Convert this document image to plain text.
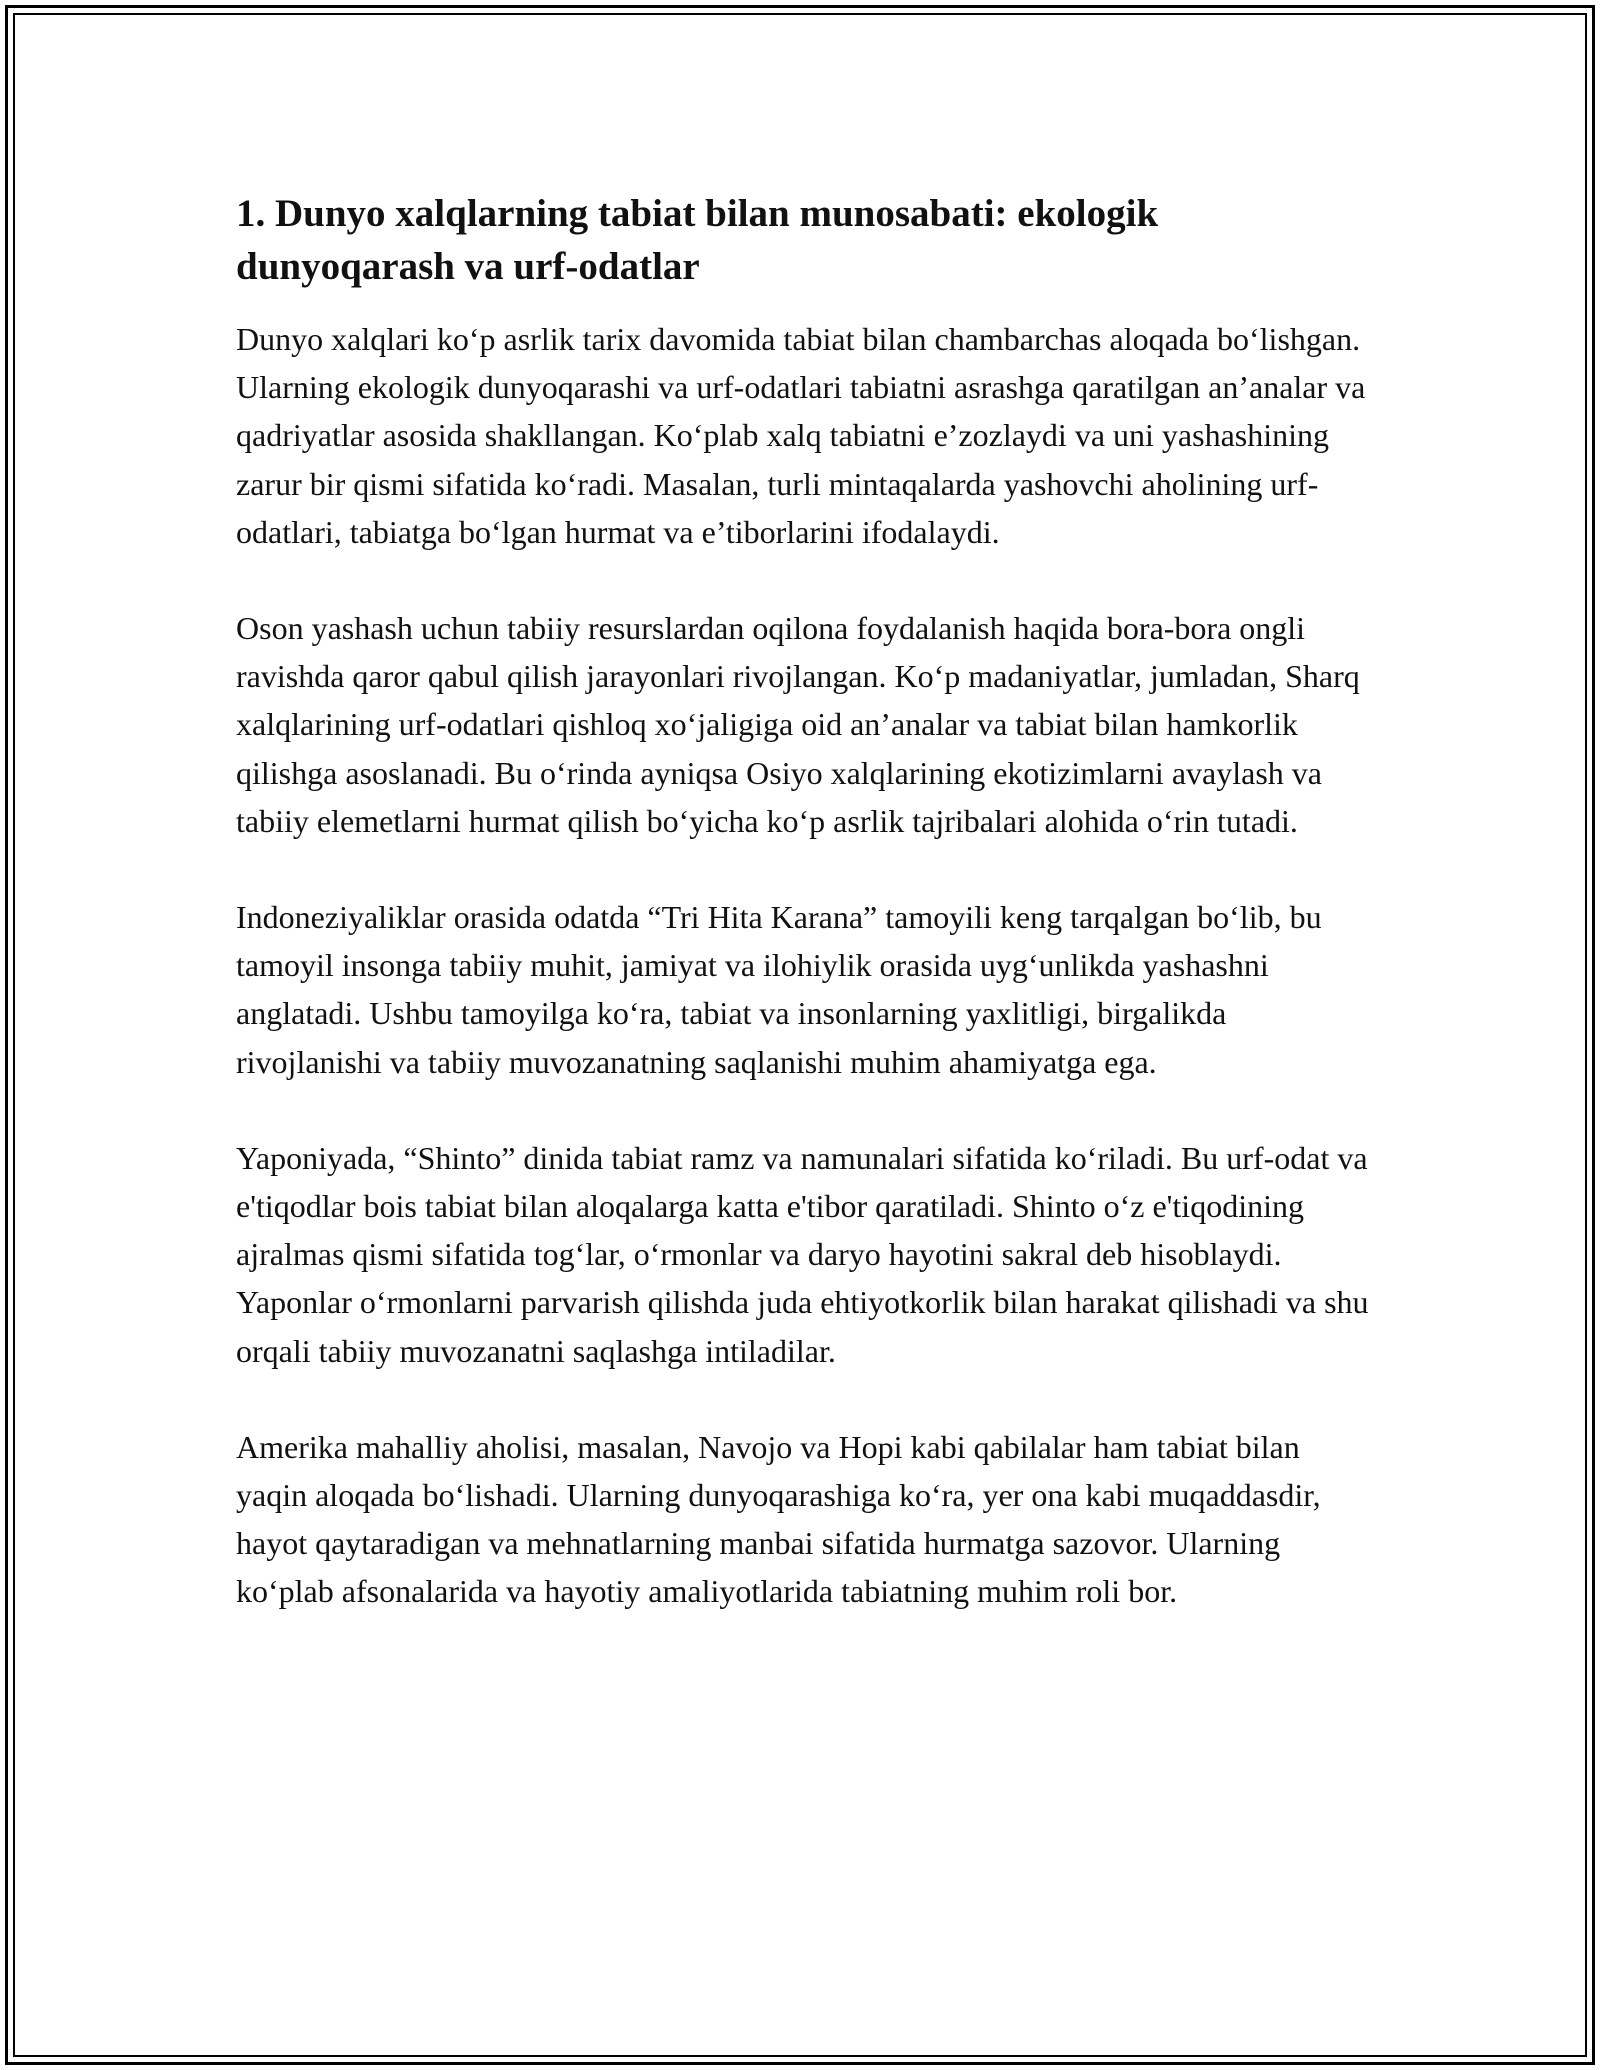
1. Dunyo xalqlarning tabiat bilan munosabati: ekologik dunyoqarash va urf-odatlar

Dunyo xalqlari ko‘p asrlik tarix davomida tabiat bilan chambarchas aloqada bo‘lishgan. Ularning ekologik dunyoqarashi va urf-odatlari tabiatni asrashga qaratilgan an’analar va qadriyatlar asosida shakllangan. Ko‘plab xalq tabiatni e’zozlaydi va uni yashashining zarur bir qismi sifatida ko‘radi. Masalan, turli mintaqalarda yashovchi aholining urf-odatlari, tabiatga bo‘lgan hurmat va e’tiborlarini ifodalaydi.

Oson yashash uchun tabiiy resurslardan oqilona foydalanish haqida bora-bora ongli ravishda qaror qabul qilish jarayonlari rivojlangan. Ko‘p madaniyatlar, jumladan, Sharq xalqlarining urf-odatlari qishloq xo‘jaligiga oid an’analar va tabiat bilan hamkorlik qilishga asoslanadi. Bu o‘rinda ayniqsa Osiyo xalqlarining ekotizimlarni avaylash va tabiiy elemetlarni hurmat qilish bo‘yicha ko‘p asrlik tajribalari alohida o‘rin tutadi.

Indoneziyaliklar orasida odatda “Tri Hita Karana” tamoyili keng tarqalgan bo‘lib, bu tamoyil insonga tabiiy muhit, jamiyat va ilohiylik orasida uyg‘unlikda yashashni anglatadi. Ushbu tamoyilga ko‘ra, tabiat va insonlarning yaxlitligi, birgalikda rivojlanishi va tabiiy muvozanatning saqlanishi muhim ahamiyatga ega.

Yaponiyada, “Shinto” dinida tabiat ramz va namunalari sifatida ko‘riladi. Bu urf-odat va e'tiqodlar bois tabiat bilan aloqalarga katta e'tibor qaratiladi. Shinto o‘z e'tiqodining ajralmas qismi sifatida tog‘lar, o‘rmonlar va daryo hayotini sakral deb hisoblaydi. Yaponlar o‘rmonlarni parvarish qilishda juda ehtiyotkorlik bilan harakat qilishadi va shu orqali tabiiy muvozanatni saqlashga intiladilar.

Amerika mahalliy aholisi, masalan, Navojo va Hopi kabi qabilalar ham tabiat bilan yaqin aloqada bo‘lishadi. Ularning dunyoqarashiga ko‘ra, yer ona kabi muqaddasdir, hayot qaytaradigan va mehnatlarning manbai sifatida hurmatga sazovor. Ularning ko‘plab afsonalarida va hayotiy amaliyotlarida tabiatning muhim roli bor.
